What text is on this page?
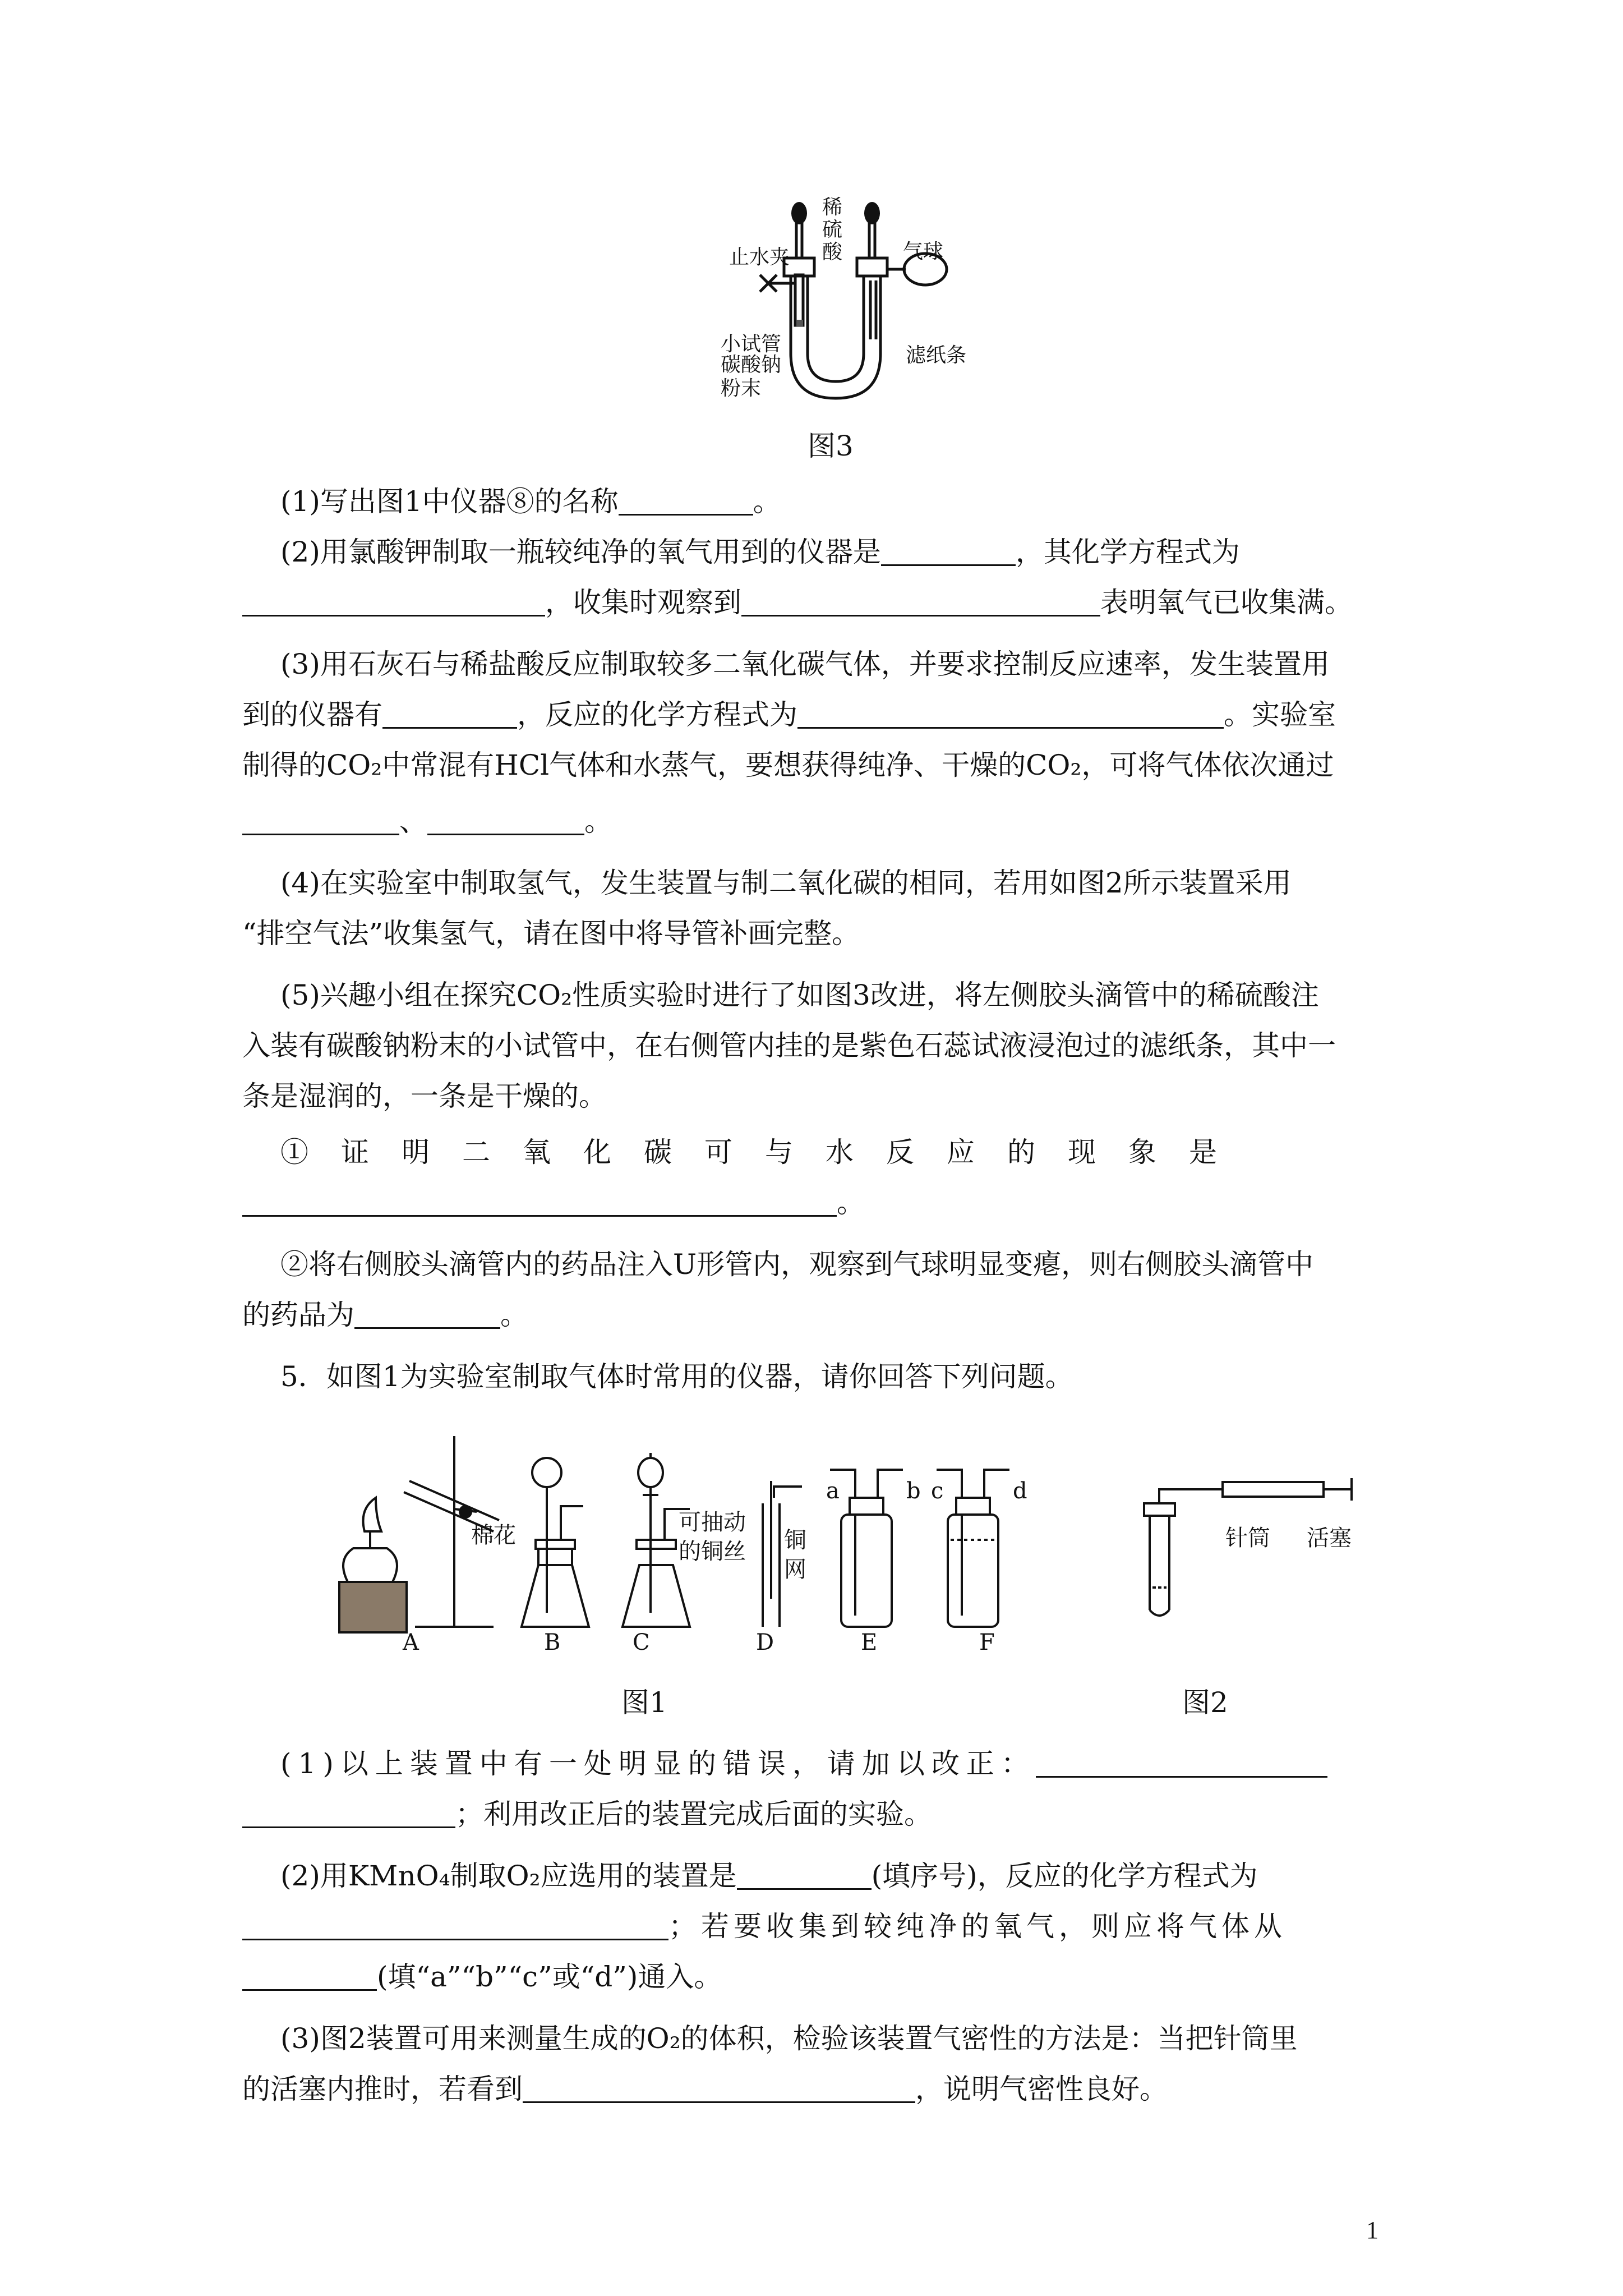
稀硫酸
止水夹	气球
小试管
碳酸钠粉末
滤纸条
图3
(1)写出图1中仪器⑧的名称	。
(2)用氯酸钾制取一瓶较纯净的氧气用到的仪器是	，其化学方程式为
，收集时观察到	表明氧气已收集满。
(3)用石灰石与稀盐酸反应制取较多二氧化碳气体，并要求控制反应速率，发生装置用
到的仪器有	，反应的化学方程式为	。实验室
制得的CO₂中常混有HCl气体和水蒸气，要想获得纯净、干燥的CO₂，可将气体依次通过
、	。
(4)在实验室中制取氢气，发生装置与制二氧化碳的相同，若用如图2所示装置采用
“排空气法”收集氢气，请在图中将导管补画完整。
(5)兴趣小组在探究CO₂性质实验时进行了如图3改进，将左侧胶头滴管中的稀硫酸注
入装有碳酸钠粉末的小试管中，在右侧管内挂的是紫色石蕊试液浸泡过的滤纸条，其中一
条是湿润的，一条是干燥的。
①证明二氧化碳可与水反应的现象是
。
②将右侧胶头滴管内的药品注入U形管内，观察到气球明显变瘪，则右侧胶头滴管中
的药品为	。
5．如图1为实验室制取气体时常用的仪器，请你回答下列问题。
棉花	可抽动的铜丝 铜网
a	b c	d
A	B	C	D	E	F
针筒 活塞
图1	图2
(1)以上装置中有一处明显的错误，请加以改正：
；利用改正后的装置完成后面的实验。
(2)用KMnO₄制取O₂应选用的装置是	(填序号)，反应的化学方程式为
；若要收集到较纯净的氧气，则应将气体从
(填“a”“b”“c”或“d”)通入。
(3)图2装置可用来测量生成的O₂的体积，检验该装置气密性的方法是：当把针筒里
的活塞内推时，若看到	，说明气密性良好。
1
